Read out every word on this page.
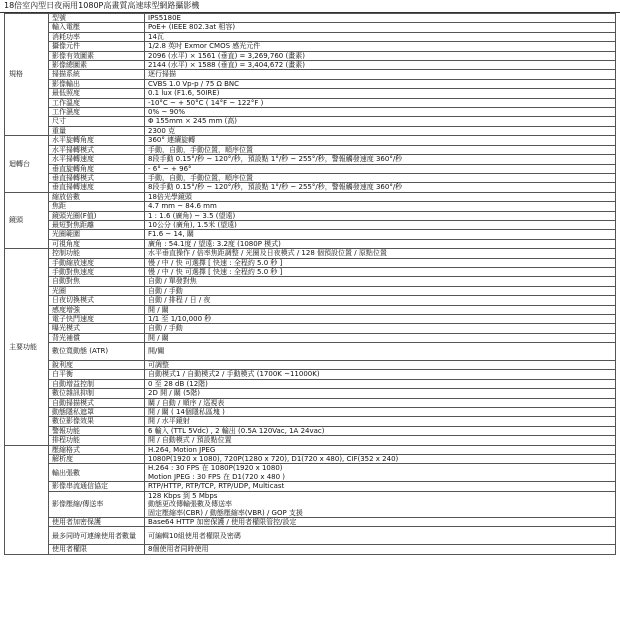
18倍室內型日夜兩用1080P高畫質高速球型網路攝影機
規格	型號	IPS5180E
	輸入電壓	PoE+ (IEEE 802.3at 相容)
	消耗功率	14瓦
	攝像元件	1/2.8 英吋 Exmor CMOS 感光元件
	影像有效圖素	2096 (水平) × 1561 (垂直) = 3,269,760 (畫素)
	影像總圖素	2144 (水平) × 1588 (垂直) = 3,404,672 (畫素)
	掃描系統	逐行掃描
	影像輸出	CVBS 1.0 Vp-p / 75 Ω BNC
	最低照度	0.1 lux (F1.6, 50IRE)
	工作溫度	-10°C ~ + 50°C ( 14°F ~ 122°F )
	工作濕度	0% ~ 90%
	尺寸	Φ 155mm × 245 mm (高)
	重量	2300 克
迴轉台	水平旋轉角度	360° 連續旋轉
	水平掃轉模式	手動，自動，手動位置，順序位置
	水平掃轉速度	8段手動 0.15°/秒 ~ 120°/秒，預設點 1°/秒 ~ 255°/秒，警報觸發速度 360°/秒
	垂直旋轉角度	- 6° ~ + 96°
	垂直掃轉模式	手動，自動，手動位置，順序位置
	垂直掃轉速度	8段手動 0.15°/秒 ~ 120°/秒，預設點 1°/秒 ~ 255°/秒，警報觸發速度 360°/秒
鏡頭	縮放倍數	18倍光學鏡頭
	焦距	4.7 mm ~ 84.6 mm
	鏡頭光圈(F值)	1 : 1.6 (廣角) ~ 3.5 (望遠)
	最短對焦距離	10公分 (廣角), 1.5米 (望遠)
	光圈範圍	F1.6 ~ 14, 關
	可視角度	廣角 : 54.1度 / 望遠: 3.2度 (1080P 模式)
主要功能	控制功能	水平垂直操作 / 倍率焦距調整 / 光圈及日夜模式 / 128 個預設位置 / 原點位置
	手動縮放速度	慢 / 中 / 快 可選擇 [ 快速 : 全程約 5.0 秒 ]
	手動對焦速度	慢 / 中 / 快 可選擇 [ 快速 : 全程約 5.0 秒 ]
	自動對焦	自動 / 單發對焦
	光圈	自動 / 手動
	日夜切換模式	自動 / 排程 / 日 / 夜
	感度增強	開 / 關
	電子快門速度	1/1 至 1/10,000 秒
	曝光模式	自動 / 手動
	背光補償	開 / 關
	數位寬動態 (ATR)	開/關
	銳利度	可調整
	白平衡	自動模式1 / 自動模式2 / 手動模式 (1700K ~11000K)
	自動增益控制	0 至 28 dB (12階)
	數位雜訊抑制	2D 開 / 關 (5階)
	自動掃描模式	關 / 自動 / 順序 / 巡視表
	動態隱私遮罩	開 / 關 ( 14個隱私區塊 )
	數位影像效果	開 / 水平鏡射
	警報功能	6 輸入 (TTL 5Vdc) , 2 輸出 (0.5A 120Vac, 1A 24vac)
	排程功能	開 / 自動模式 / 預設點位置
	壓縮格式	H.264, Motion JPEG
	解析度	1080P(1920 x 1080), 720P(1280 x 720), D1(720 x 480), CIF(352 x 240)
	輸出張數	H.264 : 30 FPS 在 1080P(1920 x 1080)
Motion JPEG : 30 FPS 在 D1(720 x 480 )

	影像串流通信協定	RTP/HTTP, RTP/TCP, RTP/UDP, Multicast
	影像壓縮/傳送率	128 Kbps 到 5 Mbps
動態更改傳輸張數及傳送率
固定壓縮率(CBR) / 動態壓縮率(VBR) / GOP 支援

	使用者加密保護	Base64 HTTP 加密保護 / 使用者權限管控/設定
	最多同時可連線使用者數量	可編輯10組使用者權限及密碼
	使用者權限	8個使用者同時使用
